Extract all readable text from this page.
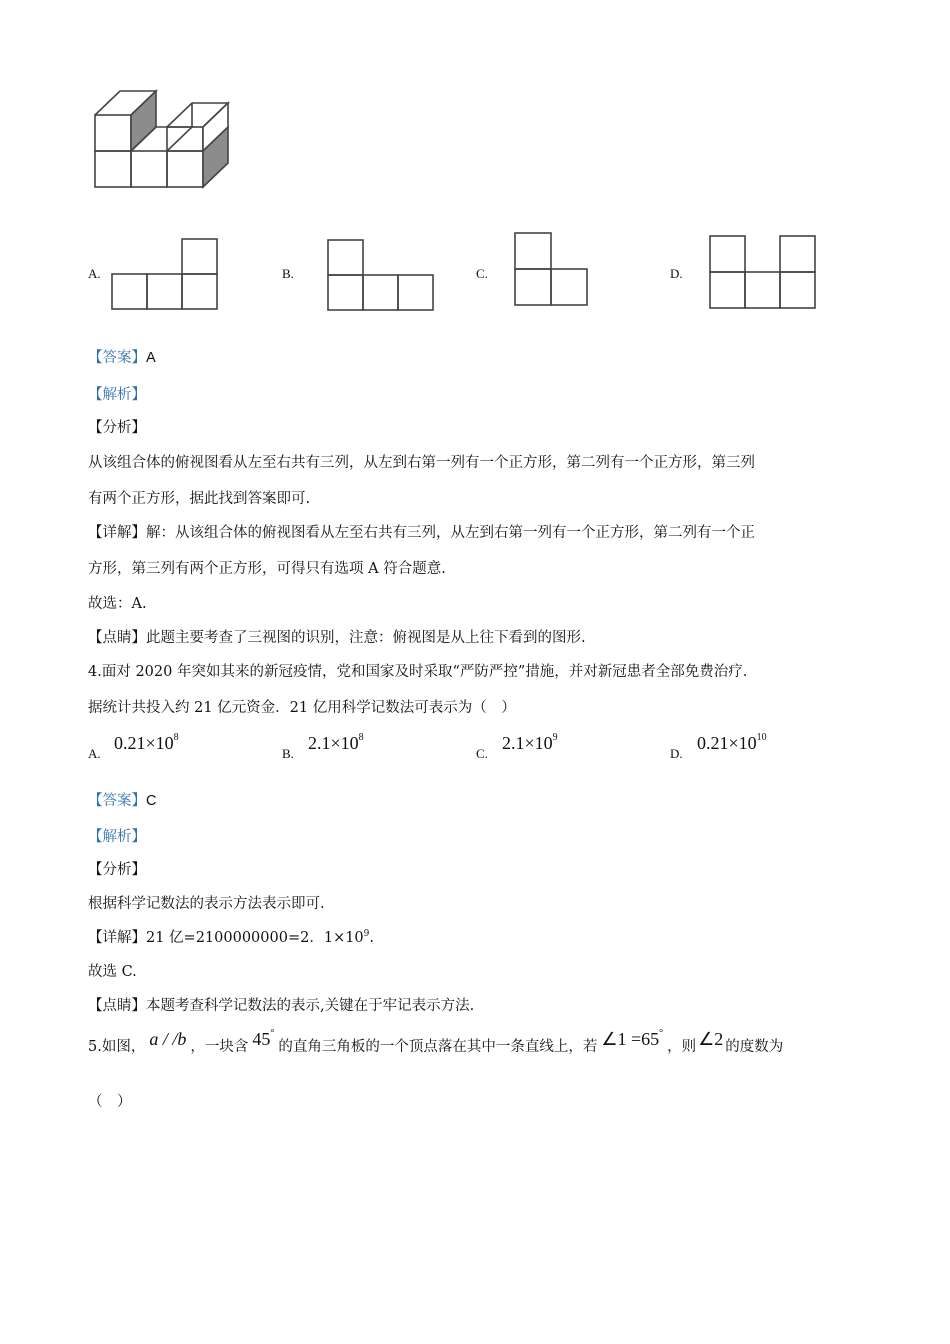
A.	B.	C.	D.
【答案】A
【解析】
【分析】
从该组合体的俯视图看从左至右共有三列，从左到右第一列有一个正方形，第二列有一个正方形，第三列
有两个正方形，据此找到答案即可.
【详解】解：从该组合体的俯视图看从左至右共有三列，从左到右第一列有一个正方形，第二列有一个正
方形，第三列有两个正方形，可得只有选项 A 符合题意.
故选：A.
【点睛】此题主要考查了三视图的识别，注意：俯视图是从上往下看到的图形.
4.面对 2020 年突如其来的新冠疫情，党和国家及时采取“严防严控”措施，并对新冠患者全部免费治疗.
据统计共投入约 21 亿元资金．21 亿用科学记数法可表示为（　）
A.
$0.21\times 10^8$
B.
$2.1\times 10^8$
C.
$2.1\times 10^9$
D.
$0.21\times 10^{10}$
【答案】C
【解析】
【分析】
根据科学记数法的表示方法表示即可.
【详解】21 亿=2100000000=2．$1\times 10^9$.
故选 C.
【点睛】本题考查科学记数法的表示,关键在于牢记表示方法.
5.如图， a / /b ，一块含 45°的直角三角板的一个顶点落在其中一条直线上，若 ∠1 =65°，则 ∠2 的度数为
（　）
